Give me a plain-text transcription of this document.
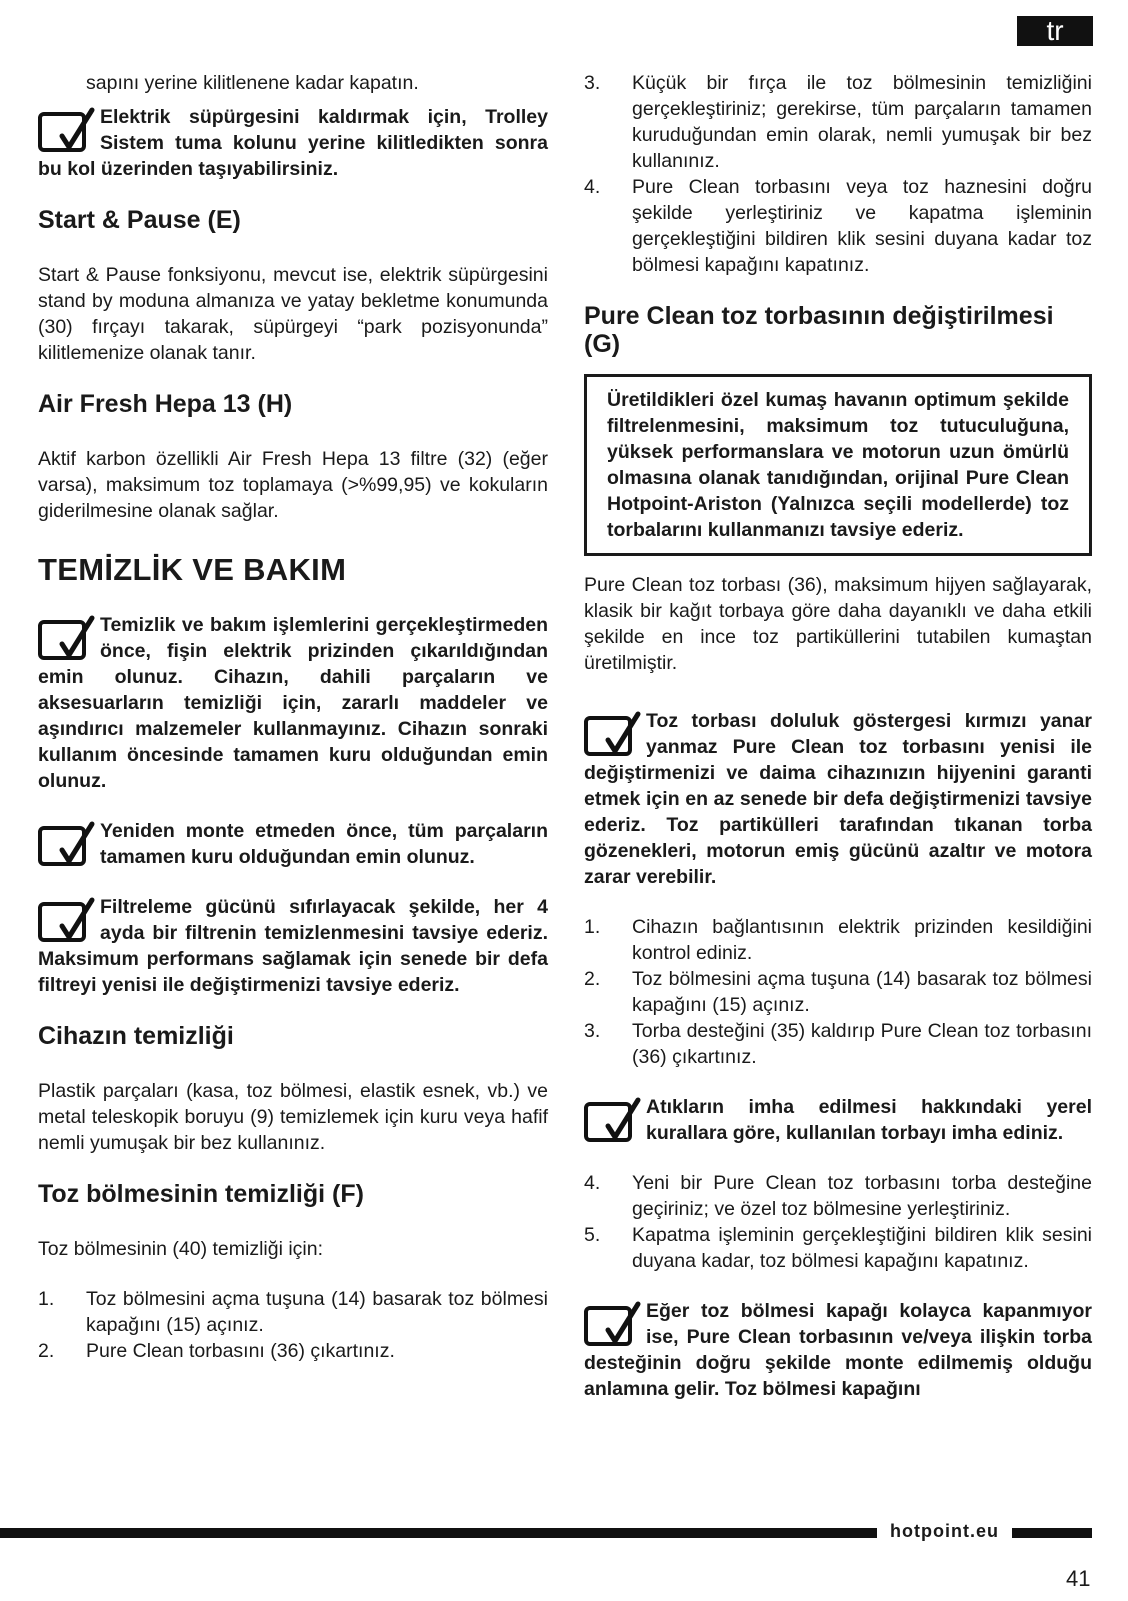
tr

sapını yerine kilitlenene kadar kapatın.

Elektrik süpürgesini kaldırmak için, Trolley Sistem tuma kolunu yerine kilitledikten sonra bu kol üzerinden taşıyabilirsiniz.
Start & Pause (E)

Start & Pause fonksiyonu, mevcut ise, elektrik süpürgesini stand by moduna almanıza ve yatay bekletme konumunda (30) fırçayı takarak, süpürgeyi “park pozisyonunda” kilitlemenize olanak tanır.

Air Fresh Hepa 13 (H)

Aktif karbon özellikli Air Fresh Hepa 13 filtre (32) (eğer varsa), maksimum toz toplamaya (>%99,95) ve kokuların giderilmesine olanak sağlar.

TEMİZLİK VE BAKIM
Temizlik ve bakım işlemlerini gerçekleştirmeden önce, fişin elektrik prizinden çıkarıldığından emin olunuz. Cihazın, dahili parçaların ve aksesuarların temizliği için, zararlı maddeler ve aşındırıcı malzemeler kullanmayınız. Cihazın sonraki kullanım öncesinde tamamen kuru olduğundan emin olunuz.
Yeniden monte etmeden önce, tüm parçaların tamamen kuru olduğundan emin olunuz.
Filtreleme gücünü sıfırlayacak şekilde, her 4 ayda bir filtrenin temizlenmesini tavsiye ederiz. Maksimum performans sağlamak için senede bir defa filtreyi yenisi ile değiştirmenizi tavsiye ederiz.
Cihazın temizliği

Plastik parçaları (kasa, toz bölmesi, elastik esnek, vb.) ve metal teleskopik boruyu (9) temizlemek için kuru veya hafif nemli yumuşak bir bez kullanınız.

Toz bölmesinin temizliği (F)

Toz bölmesinin (40) temizliği için:

1. Toz bölmesini açma tuşuna (14) basarak toz bölmesi kapağını (15) açınız.
2. Pure Clean torbasını (36) çıkartınız.
3. Küçük bir fırça ile toz bölmesinin temizliğini gerçekleştiriniz; gerekirse, tüm parçaların tamamen kuruduğundan emin olarak, nemli yumuşak bir bez kullanınız.
4. Pure Clean torbasını veya toz haznesini doğru şekilde yerleştiriniz ve kapatma işleminin gerçekleştiğini bildiren klik sesini duyana kadar toz bölmesi kapağını kapatınız.
Pure Clean toz torbasının değiştirilmesi (G)
Üretildikleri özel kumaş havanın optimum şekilde filtrelenmesini, maksimum toz tutuculuğuna, yüksek performanslara ve motorun uzun ömürlü olmasına olanak tanıdığından, orijinal Pure Clean Hotpoint-Ariston (Yalnızca seçili modellerde) toz torbalarını kullanmanızı tavsiye ederiz.

Pure Clean toz torbası (36), maksimum hijyen sağlayarak, klasik bir kağıt torbaya göre daha dayanıklı ve daha etkili şekilde en ince toz partiküllerini tutabilen kumaştan üretilmiştir.

Toz torbası doluluk göstergesi kırmızı yanar yanmaz Pure Clean toz torbasını yenisi ile değiştirmenizi ve daima cihazınızın hijyenini garanti etmek için en az senede bir defa değiştirmenizi tavsiye ederiz. Toz partikülleri tarafından tıkanan torba gözenekleri, motorun emiş gücünü azaltır ve motora zarar verebilir.
1. Cihazın bağlantısının elektrik prizinden kesildiğini kontrol ediniz.
2. Toz bölmesini açma tuşuna (14) basarak toz bölmesi kapağını (15) açınız.
3. Torba desteğini (35) kaldırıp Pure Clean toz torbasını (36) çıkartınız.
Atıkların imha edilmesi hakkındaki yerel kurallara göre, kullanılan torbayı imha ediniz.
4. Yeni bir Pure Clean toz torbasını torba desteğine geçiriniz; ve özel toz bölmesine yerleştiriniz.
5. Kapatma işleminin gerçekleştiğini bildiren klik sesini duyana kadar, toz bölmesi kapağını kapatınız.
Eğer toz bölmesi kapağı kolayca kapanmıyor ise, Pure Clean torbasının ve/veya ilişkin torba desteğinin doğru şekilde monte edilmemiş olduğu anlamına gelir. Toz bölmesi kapağını
hotpoint.eu
41
